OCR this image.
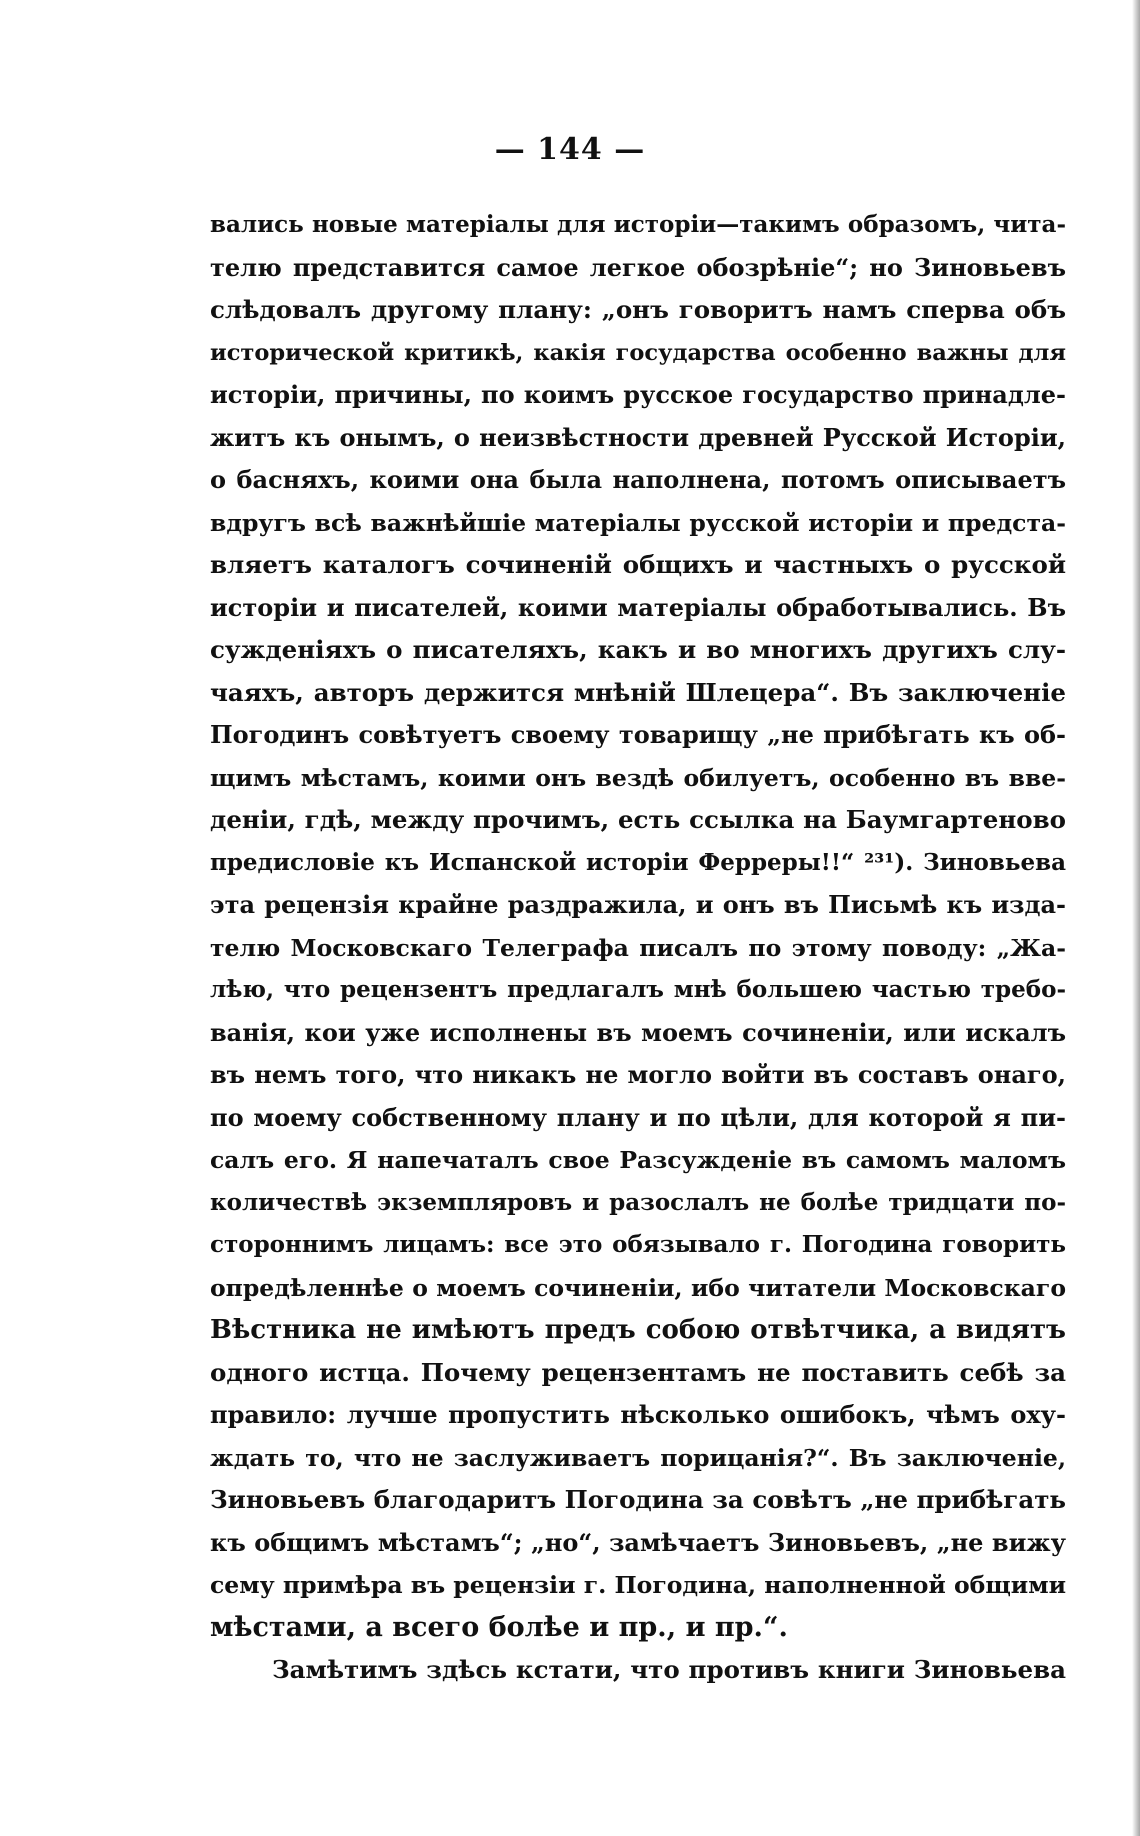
— 144 —
вались новые матеріалы для исторіи—такимъ образомъ, чита-
телю представится самое легкое обозрѣніе“; но Зиновьевъ
слѣдовалъ другому плану: „онъ говоритъ намъ сперва объ
исторической критикѣ, какія государства особенно важны для
исторіи, причины, по коимъ русское государство принадле-
житъ къ онымъ, о неизвѣстности древней Русской Исторіи,
о басняхъ, коими она была наполнена, потомъ описываетъ
вдругъ всѣ важнѣйшіе матеріалы русской исторіи и предста-
вляетъ каталогъ сочиненій общихъ и частныхъ о русской
исторіи и писателей, коими матеріалы обработывались. Въ
сужденіяхъ о писателяхъ, какъ и во многихъ другихъ слу-
чаяхъ, авторъ держится мнѣній Шлецера“. Въ заключеніе
Погодинъ совѣтуетъ своему товарищу „не прибѣгать къ об-
щимъ мѣстамъ, коими онъ вездѣ обилуетъ, особенно въ вве-
деніи, гдѣ, между прочимъ, есть ссылка на Баумгартеново
предисловіе къ Испанской исторіи Ферреры!!“ ²³¹). Зиновьева
эта рецензія крайне раздражила, и онъ въ Письмѣ къ изда-
телю Московскаго Телеграфа писалъ по этому поводу: „Жа-
лѣю, что рецензентъ предлагалъ мнѣ большею частью требо-
ванія, кои уже исполнены въ моемъ сочиненіи, или искалъ
въ немъ того, что никакъ не могло войти въ составъ онаго,
по моему собственному плану и по цѣли, для которой я пи-
салъ его. Я напечаталъ свое Разсужденіе въ самомъ маломъ
количествѣ экземпляровъ и разослалъ не болѣе тридцати по-
стороннимъ лицамъ: все это обязывало г. Погодина говорить
опредѣленнѣе о моемъ сочиненіи, ибо читатели Московскаго
Вѣстника не имѣютъ предъ собою отвѣтчика, а видятъ
одного истца. Почему рецензентамъ не поставить себѣ за
правило: лучше пропустить нѣсколько ошибокъ, чѣмъ оху-
ждать то, что не заслуживаетъ порицанія?“. Въ заключеніе,
Зиновьевъ благодаритъ Погодина за совѣтъ „не прибѣгать
къ общимъ мѣстамъ“; „но“, замѣчаетъ Зиновьевъ, „не вижу
сему примѣра въ рецензіи г. Погодина, наполненной общими
мѣстами, а всего болѣе и пр., и пр.“.
Замѣтимъ здѣсь кстати, что противъ книги Зиновьева
